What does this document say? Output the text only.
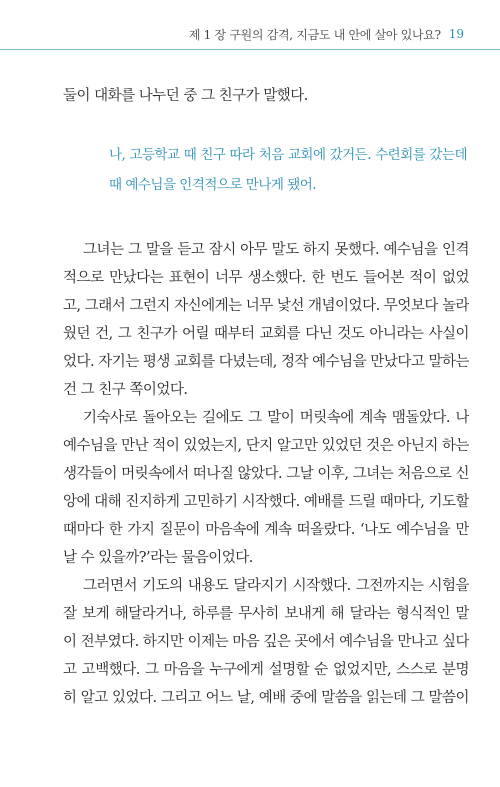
제 1 장 구원의 감격, 지금도 내 안에 살아 있나요? 19
둘이 대화를 나누던 중 그 친구가 말했다.
나, 고등학교 때 친구 따라 처음 교회에 갔거든. 수련회를 갔는데
때 예수님을 인격적으로 만나게 됐어.
그녀는 그 말을 듣고 잠시 아무 말도 하지 못했다. 예수님을 인격
적으로 만났다는 표현이 너무 생소했다. 한 번도 들어본 적이 없었
고, 그래서 그런지 자신에게는 너무 낯선 개념이었다. 무엇보다 놀라
웠던 건, 그 친구가 어릴 때부터 교회를 다닌 것도 아니라는 사실이
었다. 자기는 평생 교회를 다녔는데, 정작 예수님을 만났다고 말하는
건 그 친구 쪽이었다.
기숙사로 돌아오는 길에도 그 말이 머릿속에 계속 맴돌았다. 나
예수님을 만난 적이 있었는지, 단지 알고만 있었던 것은 아닌지 하는
생각들이 머릿속에서 떠나질 않았다. 그날 이후, 그녀는 처음으로 신
앙에 대해 진지하게 고민하기 시작했다. 예배를 드릴 때마다, 기도할
때마다 한 가지 질문이 마음속에 계속 떠올랐다. ‘나도 예수님을 만
날 수 있을까?’라는 물음이었다.
그러면서 기도의 내용도 달라지기 시작했다. 그전까지는 시험을
잘 보게 해달라거나, 하루를 무사히 보내게 해 달라는 형식적인 말
이 전부였다. 하지만 이제는 마음 깊은 곳에서 예수님을 만나고 싶다
고 고백했다. 그 마음을 누구에게 설명할 순 없었지만, 스스로 분명
히 알고 있었다. 그리고 어느 날, 예배 중에 말씀을 읽는데 그 말씀이
